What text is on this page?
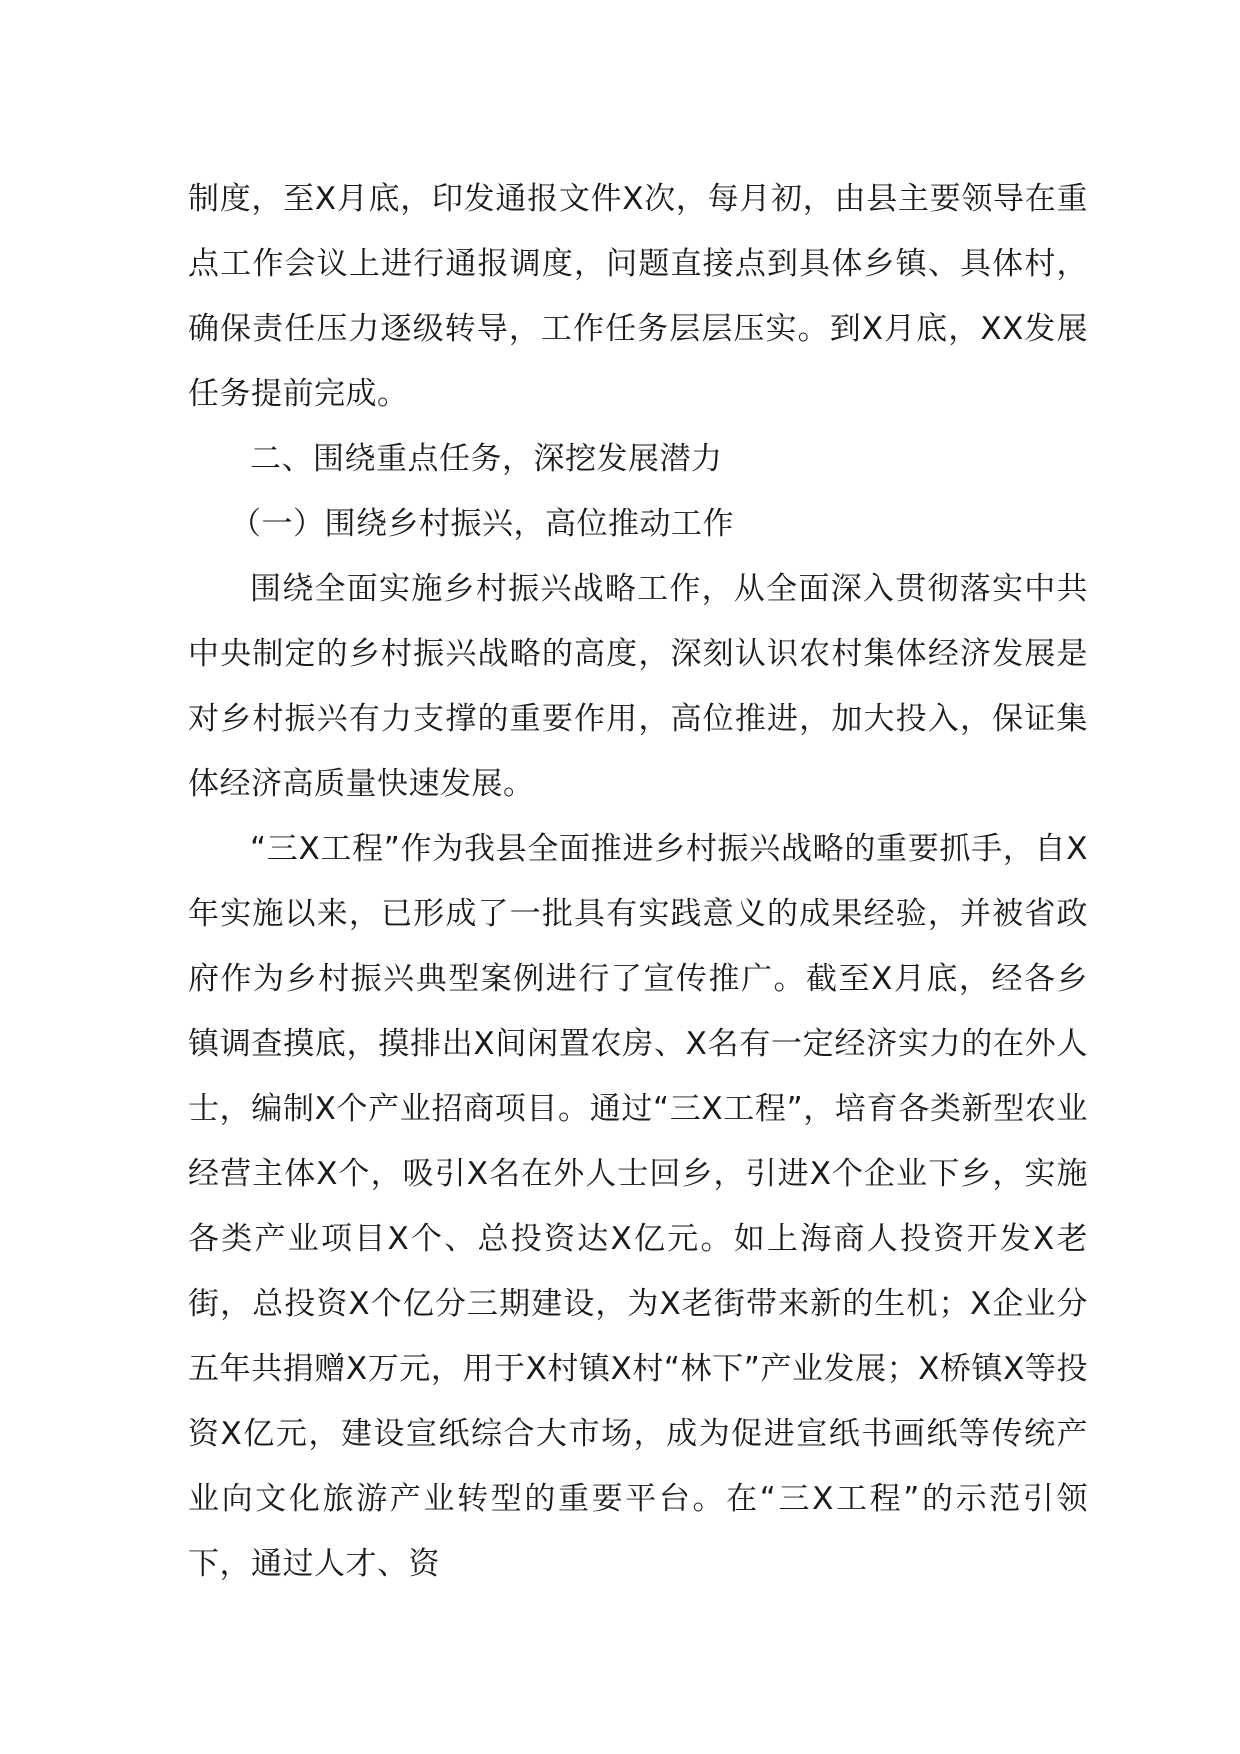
制度，至X月底，印发通报文件X次，每月初，由县主要领导在重点工作会议上进行通报调度，问题直接点到具体乡镇、具体村，确保责任压力逐级转导，工作任务层层压实。到X月底，XX发展任务提前完成。

二、围绕重点任务，深挖发展潜力

（一）围绕乡村振兴，高位推动工作

围绕全面实施乡村振兴战略工作，从全面深入贯彻落实中共中央制定的乡村振兴战略的高度，深刻认识农村集体经济发展是对乡村振兴有力支撑的重要作用，高位推进，加大投入，保证集体经济高质量快速发展。

“三X工程”作为我县全面推进乡村振兴战略的重要抓手，自X年实施以来，已形成了一批具有实践意义的成果经验，并被省政府作为乡村振兴典型案例进行了宣传推广。截至X月底，经各乡镇调查摸底，摸排出X间闲置农房、X名有一定经济实力的在外人士，编制X个产业招商项目。通过“三X工程”，培育各类新型农业经营主体X个，吸引X名在外人士回乡，引进X个企业下乡，实施各类产业项目X个、总投资达X亿元。如上海商人投资开发X老街，总投资X个亿分三期建设，为X老街带来新的生机；X企业分五年共捐赠X万元，用于X村镇X村“林下”产业发展；X桥镇X等投资X亿元，建设宣纸综合大市场，成为促进宣纸书画纸等传统产业向文化旅游产业转型的重要平台。在“三X工程”的示范引领下，通过人才、资
